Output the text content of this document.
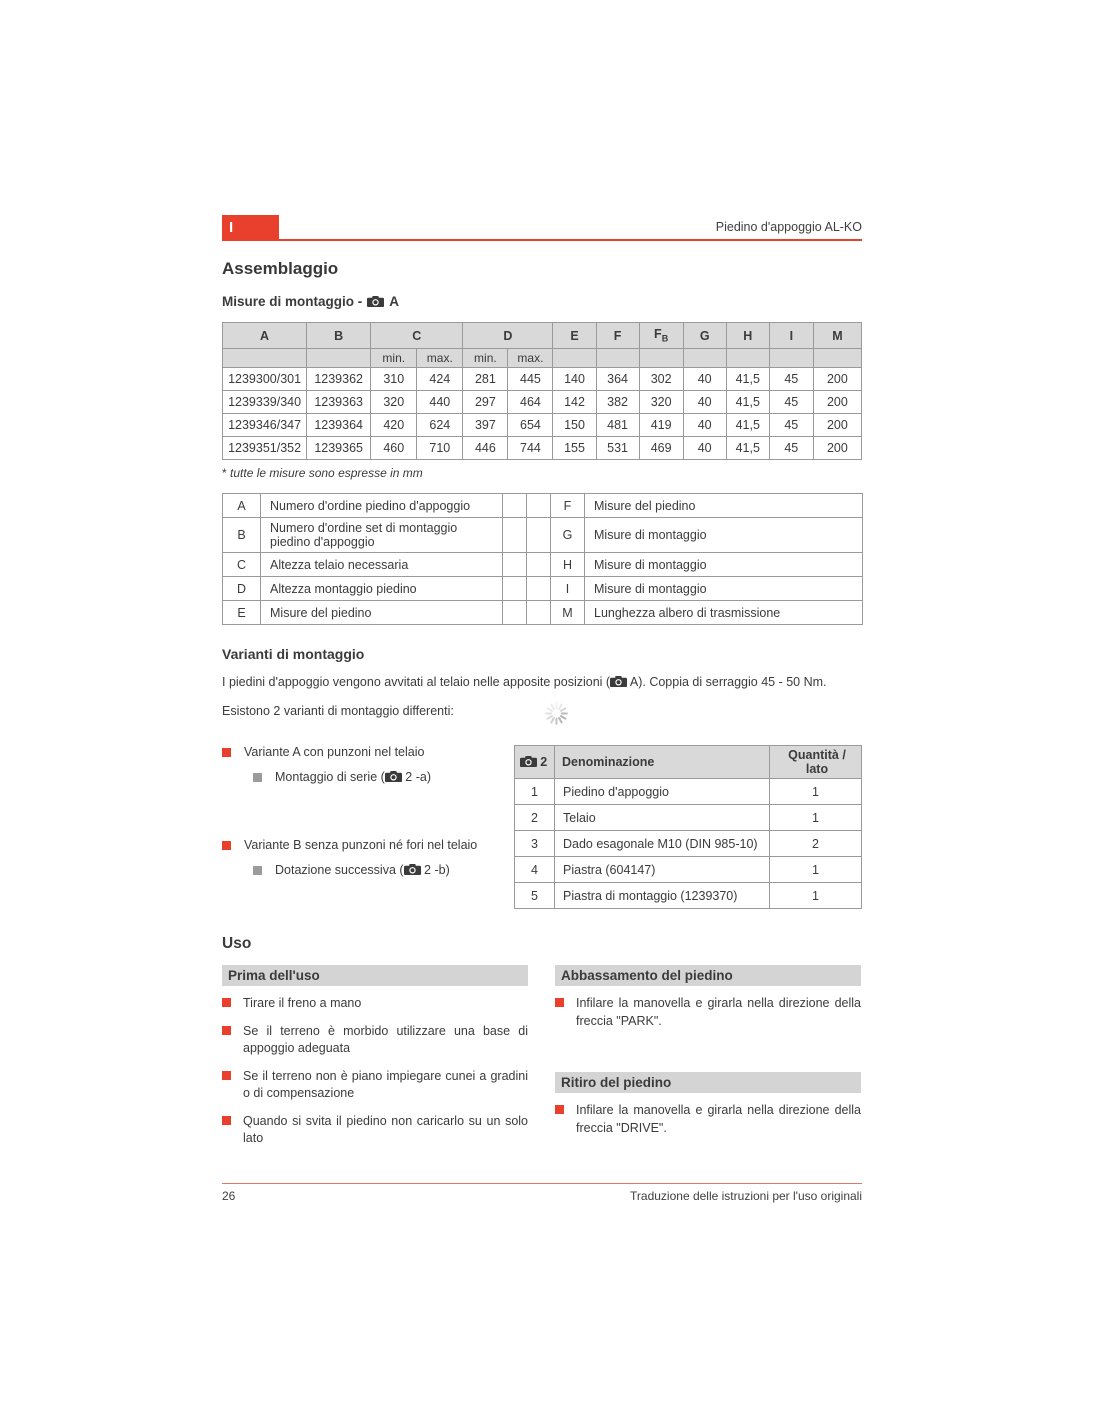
I	Piedino d'appoggio AL-KO
Assemblaggio
Misure di montaggio - A
A	B	C		D		E	F	$F_B$	G	H	I	M
		min.	max.	min.	max.							
1239300/301	1239362	310	424	281	445	140	364	302	40	41,5	45	200
1239339/340	1239363	320	440	297	464	142	382	320	40	41,5	45	200
1239346/347	1239364	420	624	397	654	150	481	419	40	41,5	45	200
1239351/352	1239365	460	710	446	744	155	531	469	40	41,5	45	200
* tutte le misure sono espresse in mm
A	Numero d'ordine piedino d'appoggio			F	Misure del piedino
B	Numero d'ordine set di montaggio piedino d'appoggio			G	Misure di montaggio
C	Altezza telaio necessaria			H	Misure di montaggio
D	Altezza montaggio piedino			I	Misure di montaggio
E	Misure del piedino			M	Lunghezza albero di trasmissione
Varianti di montaggio

I piedini d'appoggio vengono avvitati al telaio nelle apposite posizioni ( A). Coppia di serraggio 45 - 50 Nm.

Esistono 2 varianti di montaggio differenti:

Variante A con punzoni nel telaio
Montaggio di serie ( 2 -a)
Variante B senza punzoni né fori nel telaio
Dotazione successiva ( 2 -b)
2	Denominazione	Quantità / lato
1	Piedino d'appoggio	1
2	Telaio	1
3	Dado esagonale M10 (DIN 985-10)	2
4	Piastra (604147)	1
5	Piastra di montaggio (1239370)	1
Uso
Prima dell'uso
Tirare il freno a mano
Se il terreno è morbido utilizzare una base di appoggio adeguata
Se il terreno non è piano impiegare cunei a gradini o di compensazione
Quando si svita il piedino non caricarlo su un solo lato
Abbassamento del piedino
Infilare la manovella e girarla nella direzione della freccia "PARK".
Ritiro del piedino
Infilare la manovella e girarla nella direzione della freccia "DRIVE".
26	Traduzione delle istruzioni per l'uso originali
